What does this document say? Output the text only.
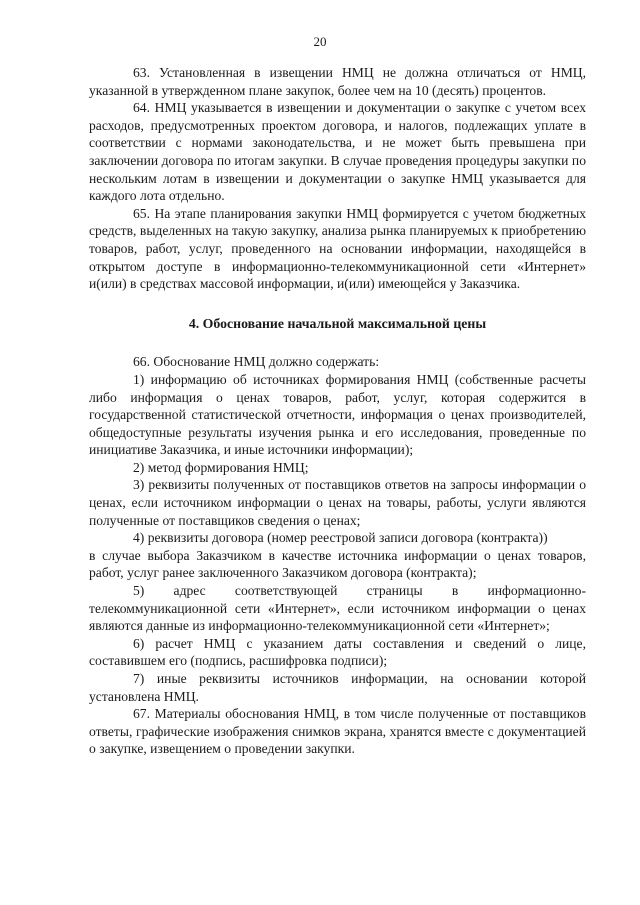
20

63. Установленная в извещении НМЦ не должна отличаться от НМЦ, указанной в утвержденном плане закупок, более чем на 10 (десять) процентов.

64. НМЦ указывается в извещении и документации о закупке с учетом всех расходов, предусмотренных проектом договора, и налогов, подлежащих уплате в соответствии с нормами законодательства, и не может быть превышена при заключении договора по итогам закупки. В случае проведения процедуры закупки по нескольким лотам в извещении и документации о закупке НМЦ указывается для каждого лота отдельно.

65. На этапе планирования закупки НМЦ формируется с учетом бюджетных средств, выделенных на такую закупку, анализа рынка планируемых к приобретению товаров, работ, услуг, проведенного на основании информации, находящейся в открытом доступе в информационно-телекоммуникационной сети «Интернет» и(или) в средствах массовой информации, и(или) имеющейся у Заказчика.

4. Обоснование начальной максимальной цены

66. Обоснование НМЦ должно содержать:

1) информацию об источниках формирования НМЦ (собственные расчеты либо информация о ценах товаров, работ, услуг, которая содержится в государственной статистической отчетности, информация о ценах производителей, общедоступные результаты изучения рынка и его исследования, проведенные по инициативе Заказчика, и иные источники информации);

2) метод формирования НМЦ;

3) реквизиты полученных от поставщиков ответов на запросы информации о ценах, если источником информации о ценах на товары, работы, услуги являются полученные от поставщиков сведения о ценах;

4) реквизиты договора (номер реестровой записи договора (контракта))

в случае выбора Заказчиком в качестве источника информации о ценах товаров, работ, услуг ранее заключенного Заказчиком договора (контракта);

5) адрес соответствующей страницы в информационно-телекоммуникационной сети «Интернет», если источником информации о ценах являются данные из информационно-телекоммуникационной сети «Интернет»;

6) расчет НМЦ с указанием даты составления и сведений о лице, составившем его (подпись, расшифровка подписи);

7) иные реквизиты источников информации, на основании которой установлена НМЦ.

67. Материалы обоснования НМЦ, в том числе полученные от поставщиков ответы, графические изображения снимков экрана, хранятся вместе с документацией о закупке, извещением о проведении закупки.
